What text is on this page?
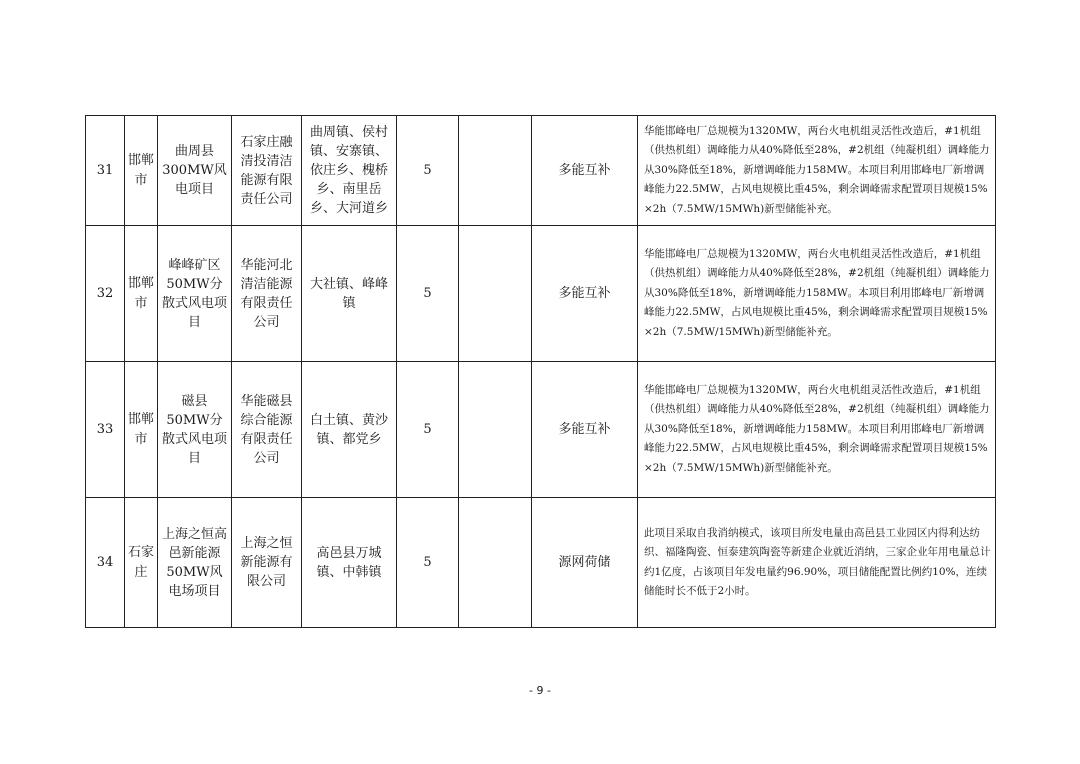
31	邯郸市	曲周县300MW风电项目	石家庄融清投清洁能源有限责任公司	曲周镇、侯村镇、安寨镇、依庄乡、槐桥乡、南里岳乡、大河道乡	5		多能互补	华能邯峰电厂总规模为1320MW，两台火电机组灵活性改造后，#1机组（供热机组）调峰能力从40%降低至28%，#2机组（纯凝机组）调峰能力从30%降低至18%，新增调峰能力158MW。本项目利用邯峰电厂新增调峰能力22.5MW，占风电规模比重45%，剩余调峰需求配置项目规模15%×2h（7.5MW/15MWh)新型储能补充。
32	邯郸市	峰峰矿区50MW分散式风电项目	华能河北清洁能源有限责任公司	大社镇、峰峰镇	5		多能互补	华能邯峰电厂总规模为1320MW，两台火电机组灵活性改造后，#1机组（供热机组）调峰能力从40%降低至28%，#2机组（纯凝机组）调峰能力从30%降低至18%，新增调峰能力158MW。本项目利用邯峰电厂新增调峰能力22.5MW，占风电规模比重45%，剩余调峰需求配置项目规模15%×2h（7.5MW/15MWh)新型储能补充。
33	邯郸市	磁县50MW分散式风电项目	华能磁县综合能源有限责任公司	白土镇、黄沙镇、都党乡	5		多能互补	华能邯峰电厂总规模为1320MW，两台火电机组灵活性改造后，#1机组（供热机组）调峰能力从40%降低至28%，#2机组（纯凝机组）调峰能力从30%降低至18%，新增调峰能力158MW。本项目利用邯峰电厂新增调峰能力22.5MW，占风电规模比重45%，剩余调峰需求配置项目规模15%×2h（7.5MW/15MWh)新型储能补充。
34	石家庄	上海之恒高邑新能源50MW风电场项目	上海之恒新能源有限公司	高邑县万城镇、中韩镇	5		源网荷储	此项目采取自我消纳模式，该项目所发电量由高邑县工业园区内得利达纺织、福隆陶瓷、恒泰建筑陶瓷等新建企业就近消纳，三家企业年用电量总计约1亿度，占该项目年发电量约96.90%，项目储能配置比例约10%，连续储能时长不低于2小时。
- 9 -
